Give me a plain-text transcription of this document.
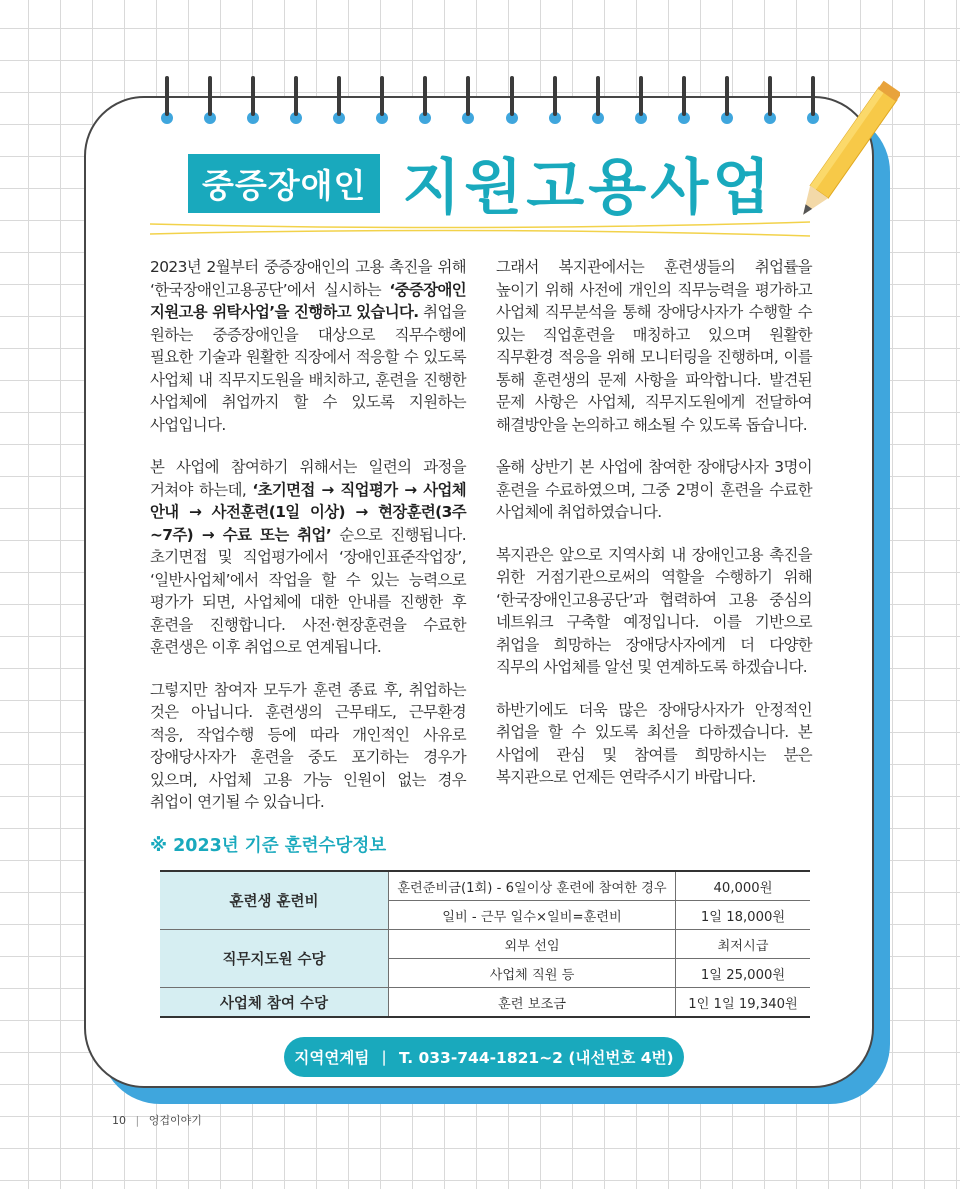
중증장애인 지원고용사업

2023년 2월부터 중증장애인의 고용 촉진을 위해 ‘한국장애인고용공단’에서 실시하는 ‘중증장애인 지원고용 위탁사업’을 진행하고 있습니다. 취업을 원하는 중증장애인을 대상으로 직무수행에 필요한 기술과 원활한 직장에서 적응할 수 있도록 사업체 내 직무지도원을 배치하고, 훈련을 진행한 사업체에 취업까지 할 수 있도록 지원하는 사업입니다.

본 사업에 참여하기 위해서는 일련의 과정을 거쳐야 하는데, ‘초기면접 → 직업평가 → 사업체 안내 → 사전훈련(1일 이상) → 현장훈련(3주~7주) → 수료 또는 취업’ 순으로 진행됩니다. 초기면접 및 직업평가에서 ‘장애인표준작업장’, ‘일반사업체’에서 작업을 할 수 있는 능력으로 평가가 되면, 사업체에 대한 안내를 진행한 후 훈련을 진행합니다. 사전·현장훈련을 수료한 훈련생은 이후 취업으로 연계됩니다.

그렇지만 참여자 모두가 훈련 종료 후, 취업하는 것은 아닙니다. 훈련생의 근무태도, 근무환경 적응, 작업수행 등에 따라 개인적인 사유로 장애당사자가 훈련을 중도 포기하는 경우가 있으며, 사업체 고용 가능 인원이 없는 경우 취업이 연기될 수 있습니다.

그래서 복지관에서는 훈련생들의 취업률을 높이기 위해 사전에 개인의 직무능력을 평가하고 사업체 직무분석을 통해 장애당사자가 수행할 수 있는 직업훈련을 매칭하고 있으며 원활한 직무환경 적응을 위해 모니터링을 진행하며, 이를 통해 훈련생의 문제 사항을 파악합니다. 발견된 문제 사항은 사업체, 직무지도원에게 전달하여 해결방안을 논의하고 해소될 수 있도록 돕습니다.

올해 상반기 본 사업에 참여한 장애당사자 3명이 훈련을 수료하였으며, 그중 2명이 훈련을 수료한 사업체에 취업하였습니다.

복지관은 앞으로 지역사회 내 장애인고용 촉진을 위한 거점기관으로써의 역할을 수행하기 위해 ‘한국장애인고용공단’과 협력하여 고용 중심의 네트워크 구축할 예정입니다. 이를 기반으로 취업을 희망하는 장애당사자에게 더 다양한 직무의 사업체를 알선 및 연계하도록 하겠습니다.

하반기에도 더욱 많은 장애당사자가 안정적인 취업을 할 수 있도록 최선을 다하겠습니다. 본 사업에 관심 및 참여를 희망하시는 분은 복지관으로 언제든 연락주시기 바랍니다.

※ 2023년 기준 훈련수당정보
훈련생 훈련비	훈련준비금(1회) - 6일이상 훈련에 참여한 경우	40,000원
	일비 - 근무 일수×일비=훈련비	1일 18,000원
직무지도원 수당	외부 선임	최저시급
	사업체 직원 등	1일 25,000원
사업체 참여 수당	훈련 보조금	1인 1일 19,340원
지역연계팀 | T. 033-744-1821~2 (내선번호 4번)
10 | 엉겁이야기
